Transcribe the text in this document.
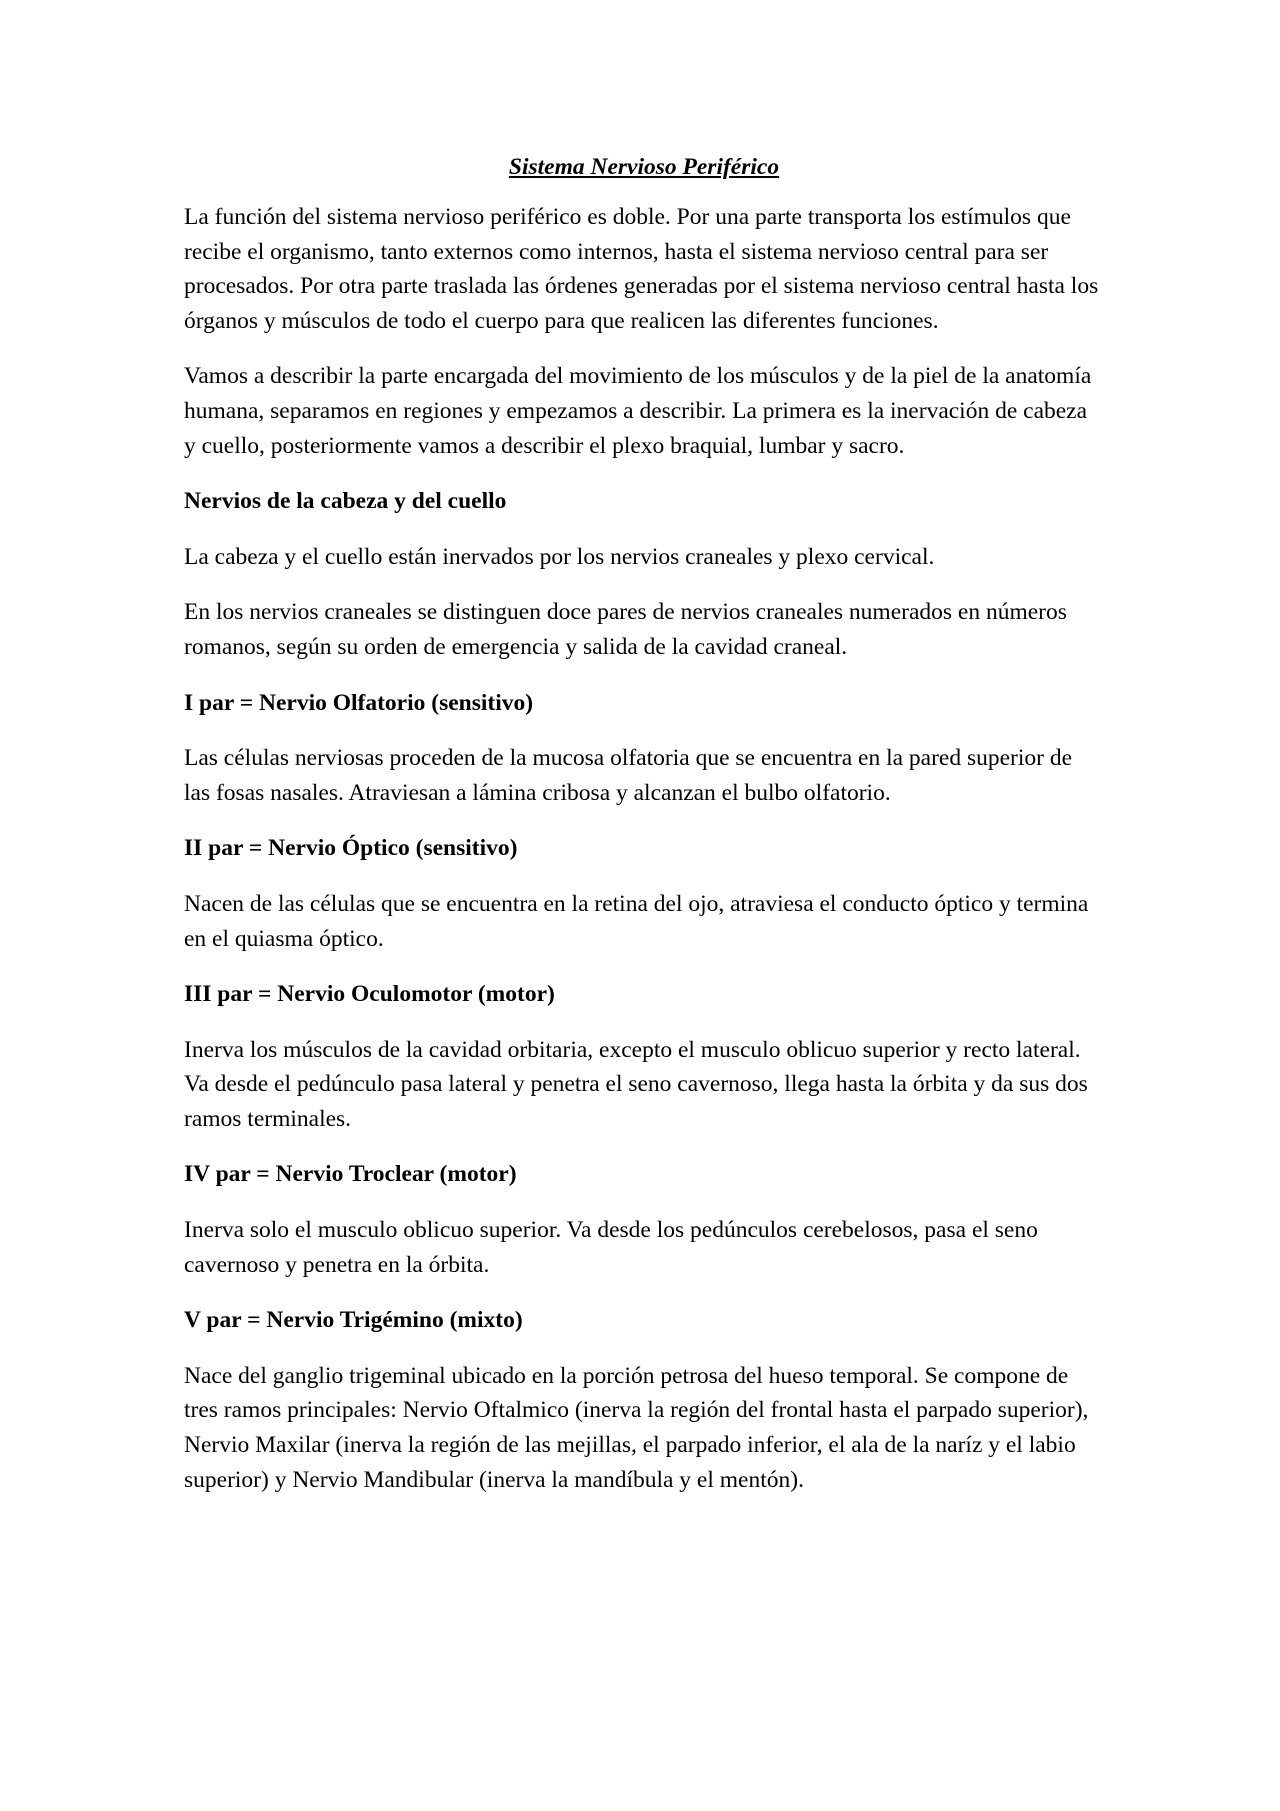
Sistema Nervioso Periférico

La función del sistema nervioso periférico es doble. Por una parte transporta los estímulos que recibe el organismo, tanto externos como internos, hasta el sistema nervioso central para ser procesados. Por otra parte traslada las órdenes generadas por el sistema nervioso central hasta los órganos y músculos de todo el cuerpo para que realicen las diferentes funciones.

Vamos a describir la parte encargada del movimiento de los músculos y de la piel de la anatomía humana, separamos en regiones y empezamos a describir. La primera es la inervación de cabeza y cuello, posteriormente vamos a describir el plexo braquial, lumbar y sacro.

Nervios de la cabeza y del cuello

La cabeza y el cuello están inervados por los nervios craneales y plexo cervical.

En los nervios craneales se distinguen doce pares de nervios craneales numerados en números romanos, según su orden de emergencia y salida de la cavidad craneal.

I par = Nervio Olfatorio (sensitivo)

Las células nerviosas proceden de la mucosa olfatoria que se encuentra en la pared superior de las fosas nasales. Atraviesan a lámina cribosa y alcanzan el bulbo olfatorio.

II par = Nervio Óptico (sensitivo)

Nacen de las células que se encuentra en la retina del ojo, atraviesa el conducto óptico y termina en el quiasma óptico.

III par = Nervio Oculomotor (motor)

Inerva los músculos de la cavidad orbitaria, excepto el musculo oblicuo superior y recto lateral. Va desde el pedúnculo pasa lateral y penetra el seno cavernoso, llega hasta la órbita y da sus dos ramos terminales.

IV par = Nervio Troclear (motor)

Inerva solo el musculo oblicuo superior. Va desde los pedúnculos cerebelosos, pasa el seno cavernoso y penetra en la órbita.

V par = Nervio Trigémino (mixto)

Nace del ganglio trigeminal ubicado en la porción petrosa del hueso temporal. Se compone de tres ramos principales: Nervio Oftalmico (inerva la región del frontal hasta el parpado superior), Nervio Maxilar (inerva la región de las mejillas, el parpado inferior, el ala de la naríz y el labio superior) y Nervio Mandibular (inerva la mandíbula y el mentón).
